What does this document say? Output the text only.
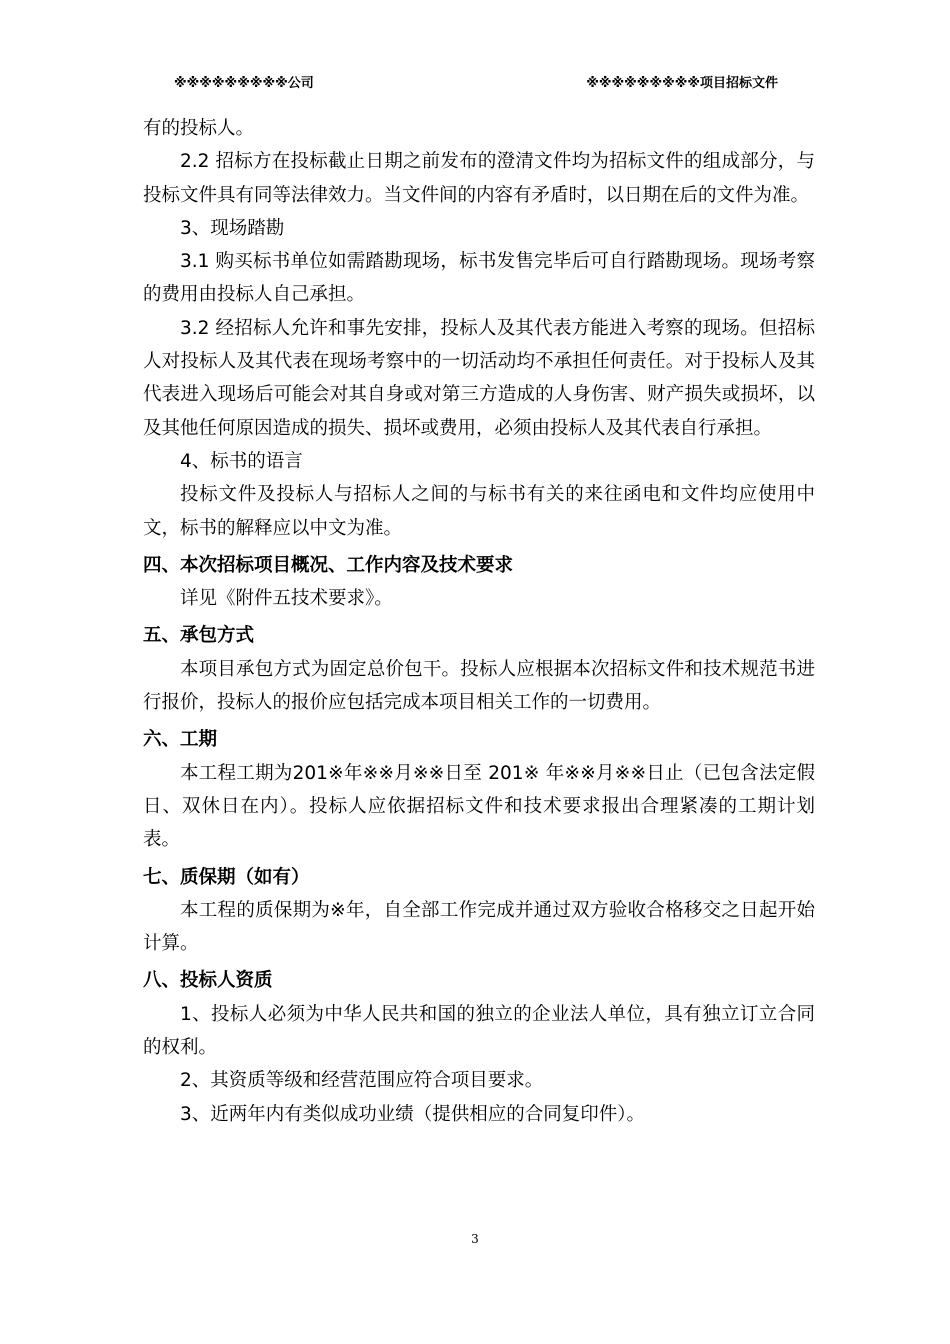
※※※※※※※※※公司	※※※※※※※※※项目招标文件

有的投标人。

2.2 招标方在投标截止日期之前发布的澄清文件均为招标文件的组成部分，与投标文件具有同等法律效力。当文件间的内容有矛盾时，以日期在后的文件为准。

3、现场踏勘

3.1 购买标书单位如需踏勘现场，标书发售完毕后可自行踏勘现场。现场考察的费用由投标人自己承担。

3.2 经招标人允许和事先安排，投标人及其代表方能进入考察的现场。但招标人对投标人及其代表在现场考察中的一切活动均不承担任何责任。对于投标人及其代表进入现场后可能会对其自身或对第三方造成的人身伤害、财产损失或损坏，以及其他任何原因造成的损失、损坏或费用，必须由投标人及其代表自行承担。

4、标书的语言

投标文件及投标人与招标人之间的与标书有关的来往函电和文件均应使用中文，标书的解释应以中文为准。

四、本次招标项目概况、工作内容及技术要求

详见《附件五技术要求》。

五、承包方式

本项目承包方式为固定总价包干。投标人应根据本次招标文件和技术规范书进行报价，投标人的报价应包括完成本项目相关工作的一切费用。

六、工期

本工程工期为201※年※※月※※日至 201※ 年※※月※※日止（已包含法定假日、双休日在内）。投标人应依据招标文件和技术要求报出合理紧凑的工期计划表。

七、质保期（如有）

本工程的质保期为※年，自全部工作完成并通过双方验收合格移交之日起开始计算。

八、投标人资质

1、投标人必须为中华人民共和国的独立的企业法人单位，具有独立订立合同的权利。

2、其资质等级和经营范围应符合项目要求。

3、近两年内有类似成功业绩（提供相应的合同复印件）。

3
